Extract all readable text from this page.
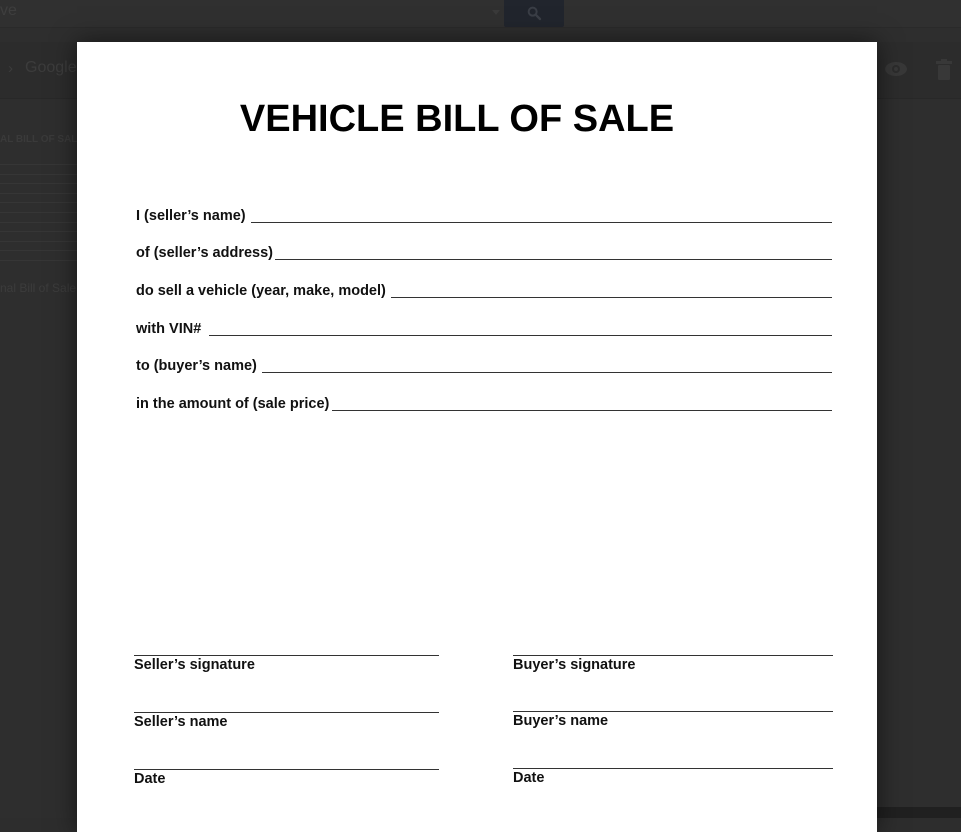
ve
› Google
AL BILL OF SAL
nal Bill of Sale
VEHICLE BILL OF SALE
I (seller’s name)
of (seller’s address)
do sell a vehicle (year, make, model)
with VIN#
to (buyer’s name)
in the amount of (sale price)
Seller’s signature
Seller’s name
Date
Buyer’s signature
Buyer’s name
Date
